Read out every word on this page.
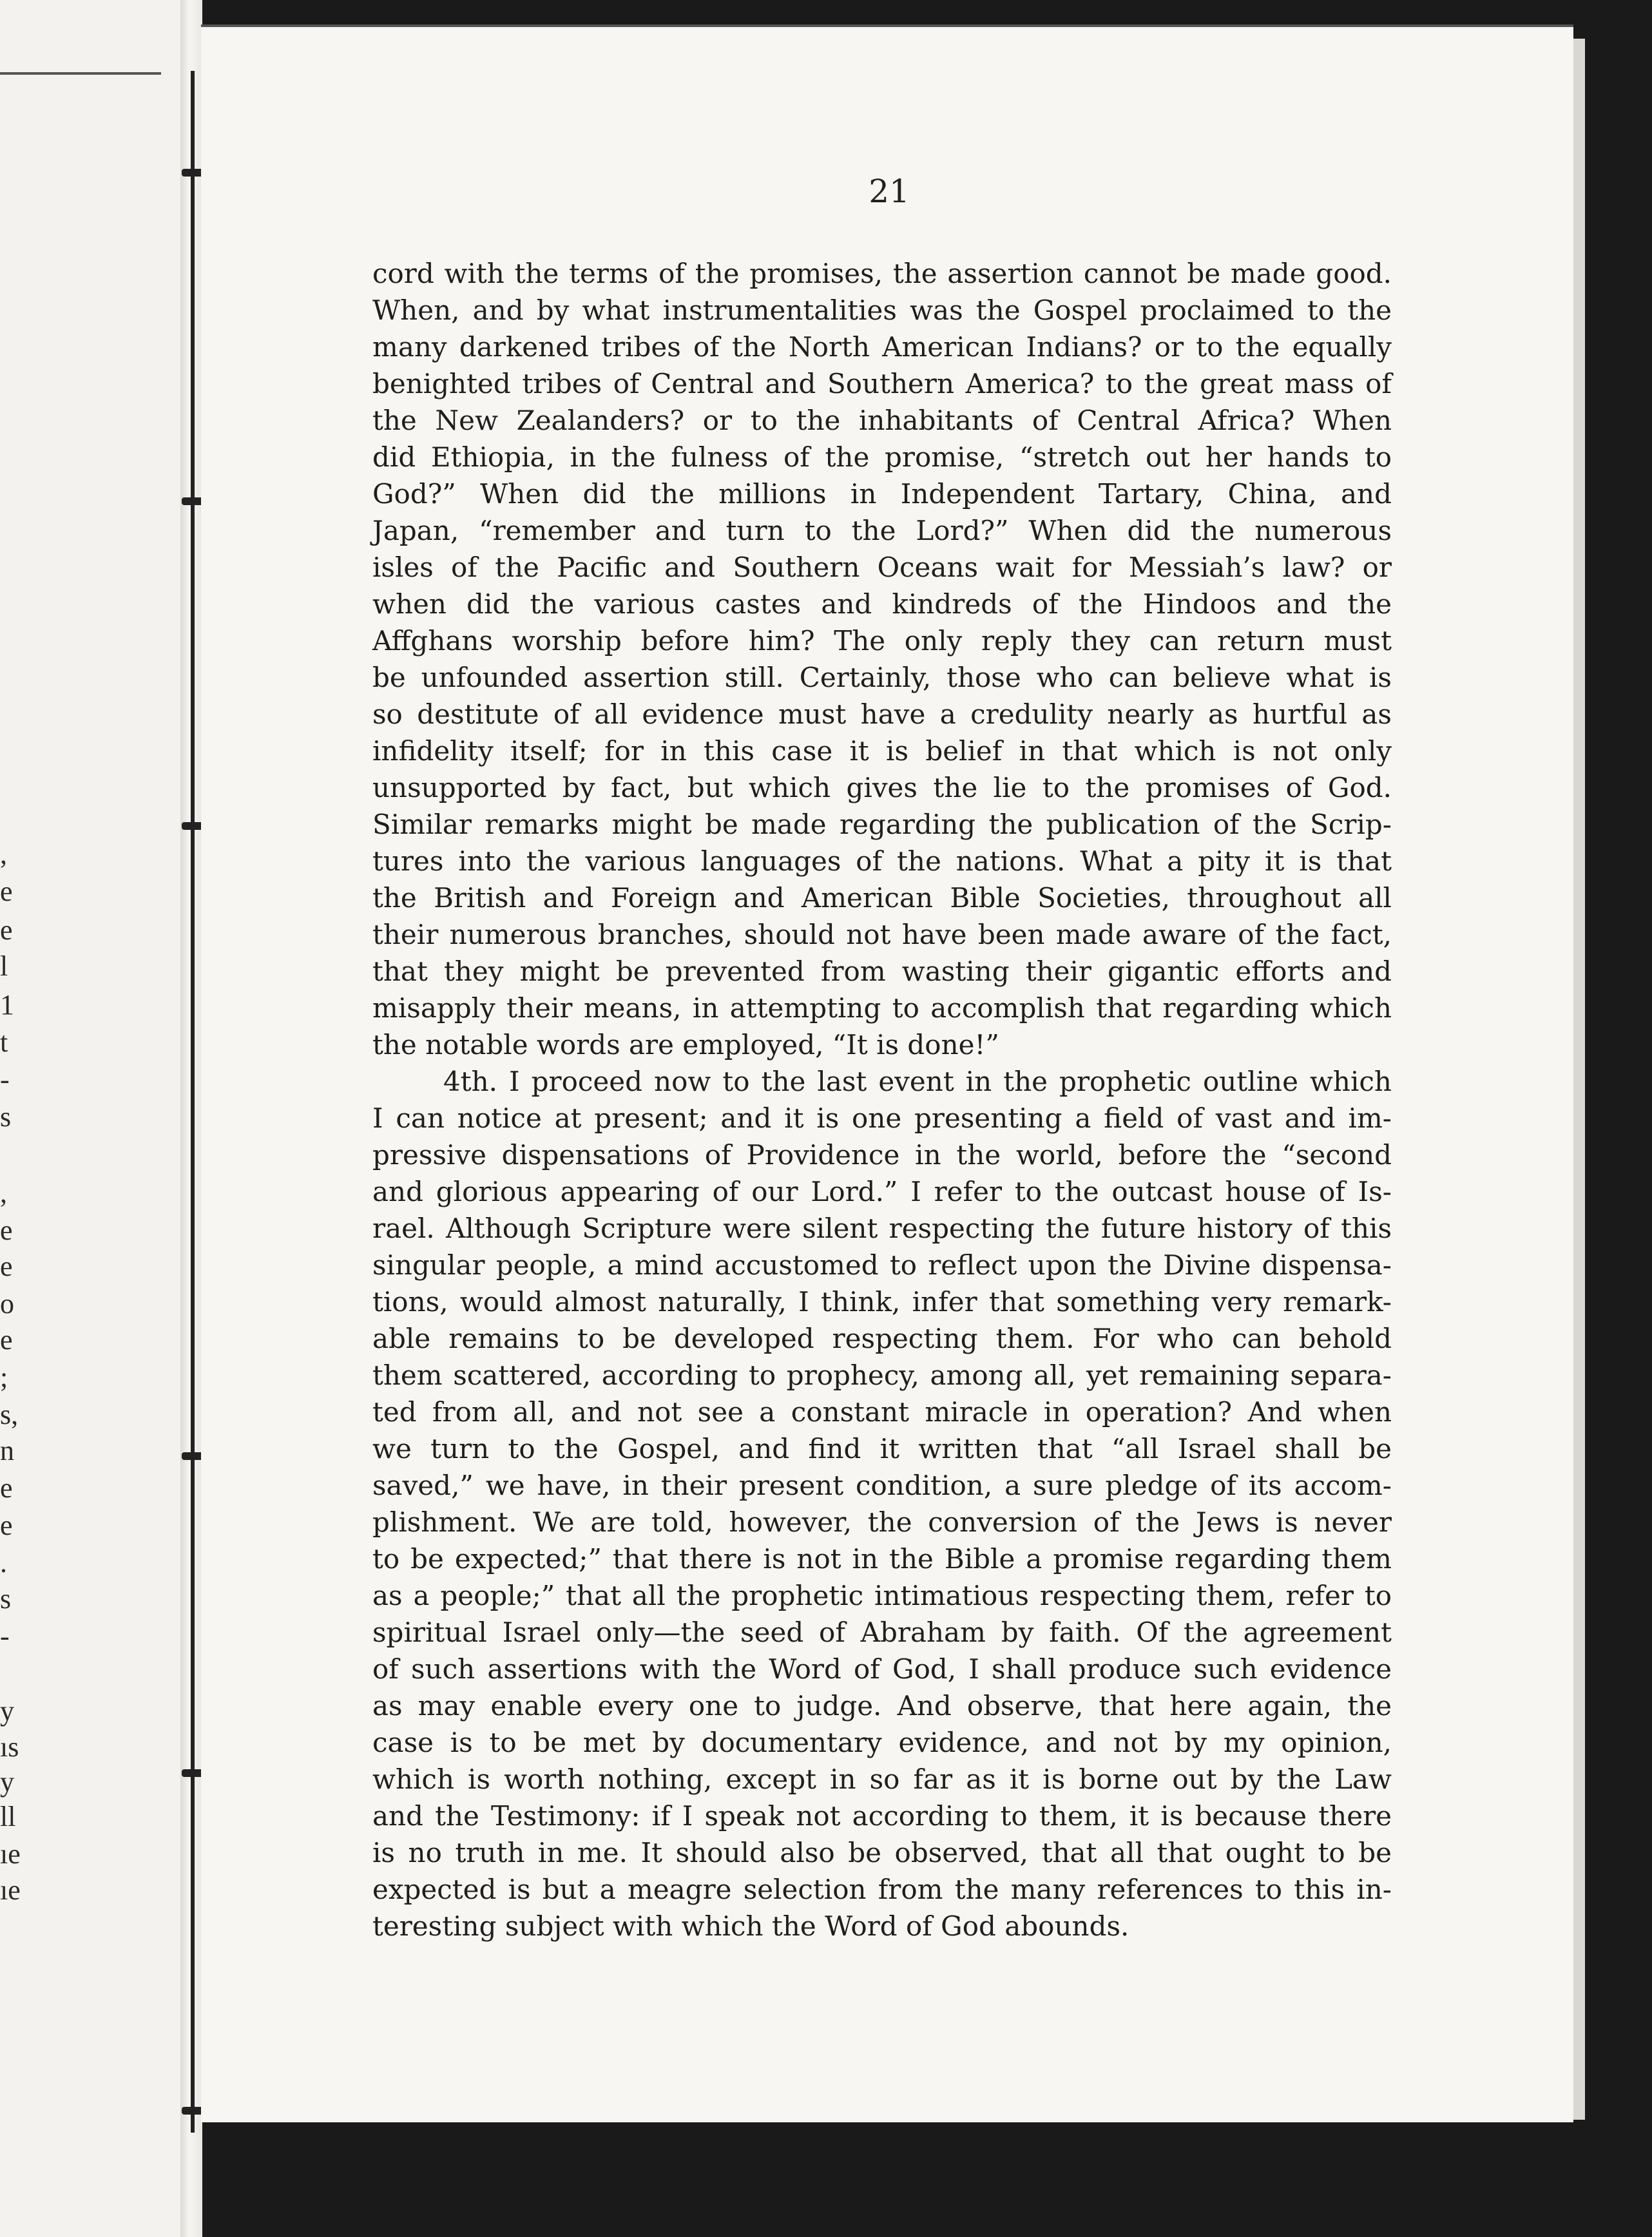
,
e
e
l
1
t
-
s
,
e
e
o
e
;
s,
n
e
e
.
s
-
y
ıs
y
ll
ıe
ıe
21
cord with the terms of the promises, the assertion cannot be made good.
When, and by what instrumentalities was the Gospel proclaimed to the
many darkened tribes of the North American Indians? or to the equally
benighted tribes of Central and Southern America? to the great mass of
the New Zealanders? or to the inhabitants of Central Africa? When
did Ethiopia, in the fulness of the promise, “stretch out her hands to
God?” When did the millions in Independent Tartary, China, and
Japan, “remember and turn to the Lord?” When did the numerous
isles of the Pacific and Southern Oceans wait for Messiah’s law? or
when did the various castes and kindreds of the Hindoos and the
Affghans worship before him? The only reply they can return must
be unfounded assertion still. Certainly, those who can believe what is
so destitute of all evidence must have a credulity nearly as hurtful as
infidelity itself; for in this case it is belief in that which is not only
unsupported by fact, but which gives the lie to the promises of God.
Similar remarks might be made regarding the publication of the Scrip-
tures into the various languages of the nations. What a pity it is that
the British and Foreign and American Bible Societies, throughout all
their numerous branches, should not have been made aware of the fact,
that they might be prevented from wasting their gigantic efforts and
misapply their means, in attempting to accomplish that regarding which
the notable words are employed, “It is done!”
4th. I proceed now to the last event in the prophetic outline which
I can notice at present; and it is one presenting a field of vast and im-
pressive dispensations of Providence in the world, before the “second
and glorious appearing of our Lord.” I refer to the outcast house of Is-
rael. Although Scripture were silent respecting the future history of this
singular people, a mind accustomed to reflect upon the Divine dispensa-
tions, would almost naturally, I think, infer that something very remark-
able remains to be developed respecting them. For who can behold
them scattered, according to prophecy, among all, yet remaining separa-
ted from all, and not see a constant miracle in operation? And when
we turn to the Gospel, and find it written that “all Israel shall be
saved,” we have, in their present condition, a sure pledge of its accom-
plishment. We are told, however, the conversion of the Jews is never
to be expected;” that there is not in the Bible a promise regarding them
as a people;” that all the prophetic intimatious respecting them, refer to
spiritual Israel only—the seed of Abraham by faith. Of the agreement
of such assertions with the Word of God, I shall produce such evidence
as may enable every one to judge. And observe, that here again, the
case is to be met by documentary evidence, and not by my opinion,
which is worth nothing, except in so far as it is borne out by the Law
and the Testimony: if I speak not according to them, it is because there
is no truth in me. It should also be observed, that all that ought to be
expected is but a meagre selection from the many references to this in-
teresting subject with which the Word of God abounds.
